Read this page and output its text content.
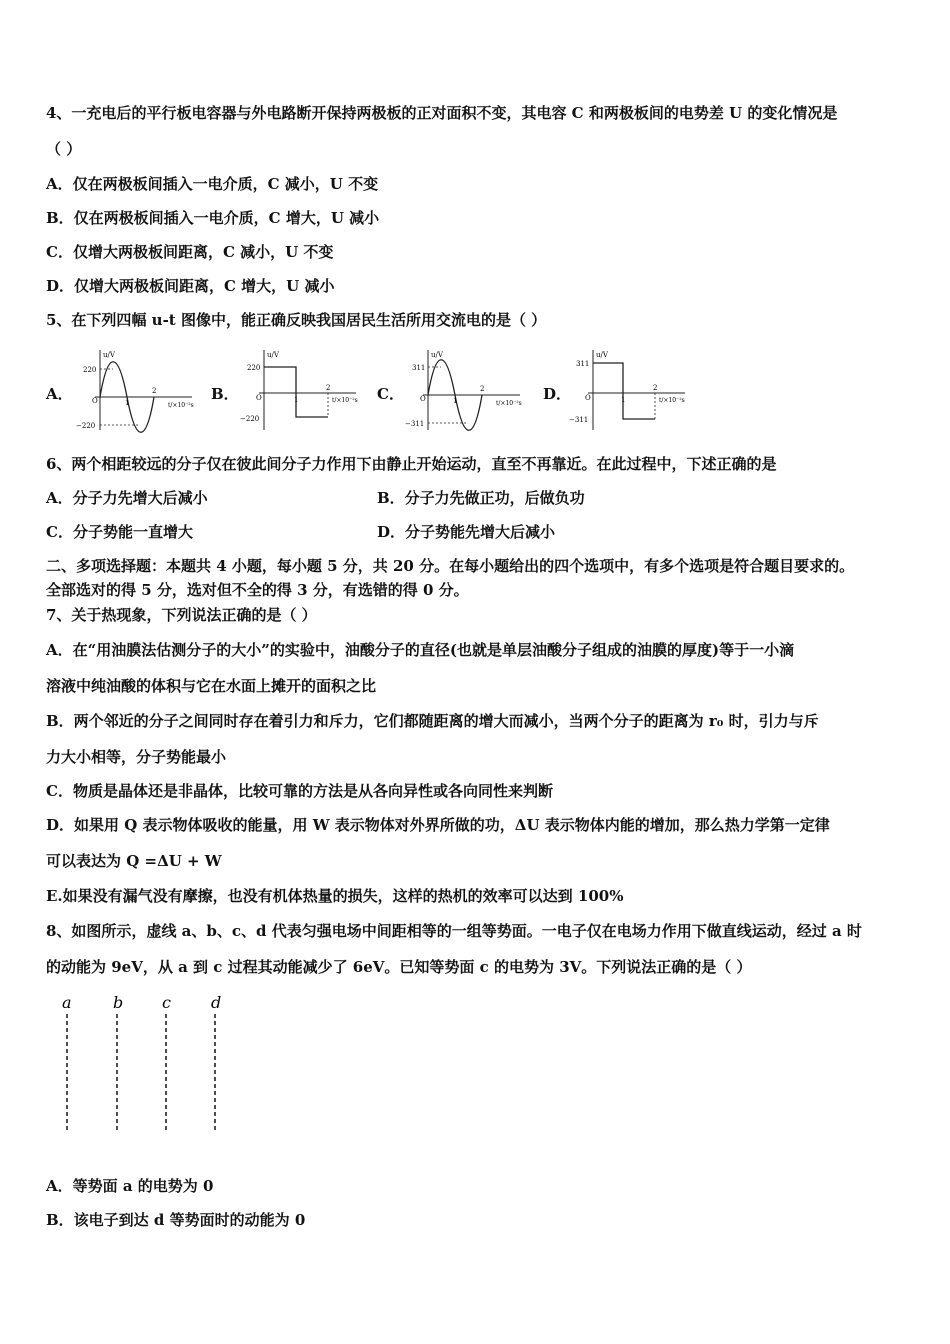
4、一充电后的平行板电容器与外电路断开保持两极板的正对面积不变，其电容 C 和两极板间的电势差 U 的变化情况是
（ ）
A．仅在两极板间插入一电介质，C 减小，U 不变
B．仅在两极板间插入一电介质，C 增大，U 减小
C．仅增大两极板间距离，C 减小，U 不变
D．仅增大两极板间距离，C 增大，U 减小
5、在下列四幅 u-t 图像中，能正确反映我国居民生活所用交流电的是（ ）
A．	B．	C．	D．
u/V
220
−220
O	1
2
t/×10⁻²s
u/V
220
−220
O	1
2
t/×10⁻²s
u/V
311
−311
O	1
2
t/×10⁻²s
u/V
311
−311
O	1
2
t/×10⁻²s
6、两个相距较远的分子仅在彼此间分子力作用下由静止开始运动，直至不再靠近。在此过程中，下述正确的是
A．分子力先增大后减小	B．分子力先做正功，后做负功
C．分子势能一直增大	D．分子势能先增大后减小
二、多项选择题：本题共 4 小题，每小题 5 分，共 20 分。在每小题给出的四个选项中，有多个选项是符合题目要求的。
全部选对的得 5 分，选对但不全的得 3 分，有选错的得 0 分。
7、关于热现象，下列说法正确的是（ ）
A．在“用油膜法估测分子的大小”的实验中，油酸分子的直径(也就是单层油酸分子组成的油膜的厚度)等于一小滴
溶液中纯油酸的体积与它在水面上摊开的面积之比
B．两个邻近的分子之间同时存在着引力和斥力，它们都随距离的增大而减小，当两个分子的距离为 r₀ 时，引力与斥
力大小相等，分子势能最小
C．物质是晶体还是非晶体，比较可靠的方法是从各向异性或各向同性来判断
D．如果用 Q 表示物体吸收的能量，用 W 表示物体对外界所做的功，ΔU 表示物体内能的增加，那么热力学第一定律
可以表达为 Q =ΔU + W
E.如果没有漏气没有摩擦，也没有机体热量的损失，这样的热机的效率可以达到 100%
8、如图所示，虚线 a、b、c、d 代表匀强电场中间距相等的一组等势面。一电子仅在电场力作用下做直线运动，经过 a 时
的动能为 9eV，从 a 到 c 过程其动能减少了 6eV。已知等势面 c 的电势为 3V。下列说法正确的是（ ）
a	b c	d
A．等势面 a 的电势为 0
B．该电子到达 d 等势面时的动能为 0
